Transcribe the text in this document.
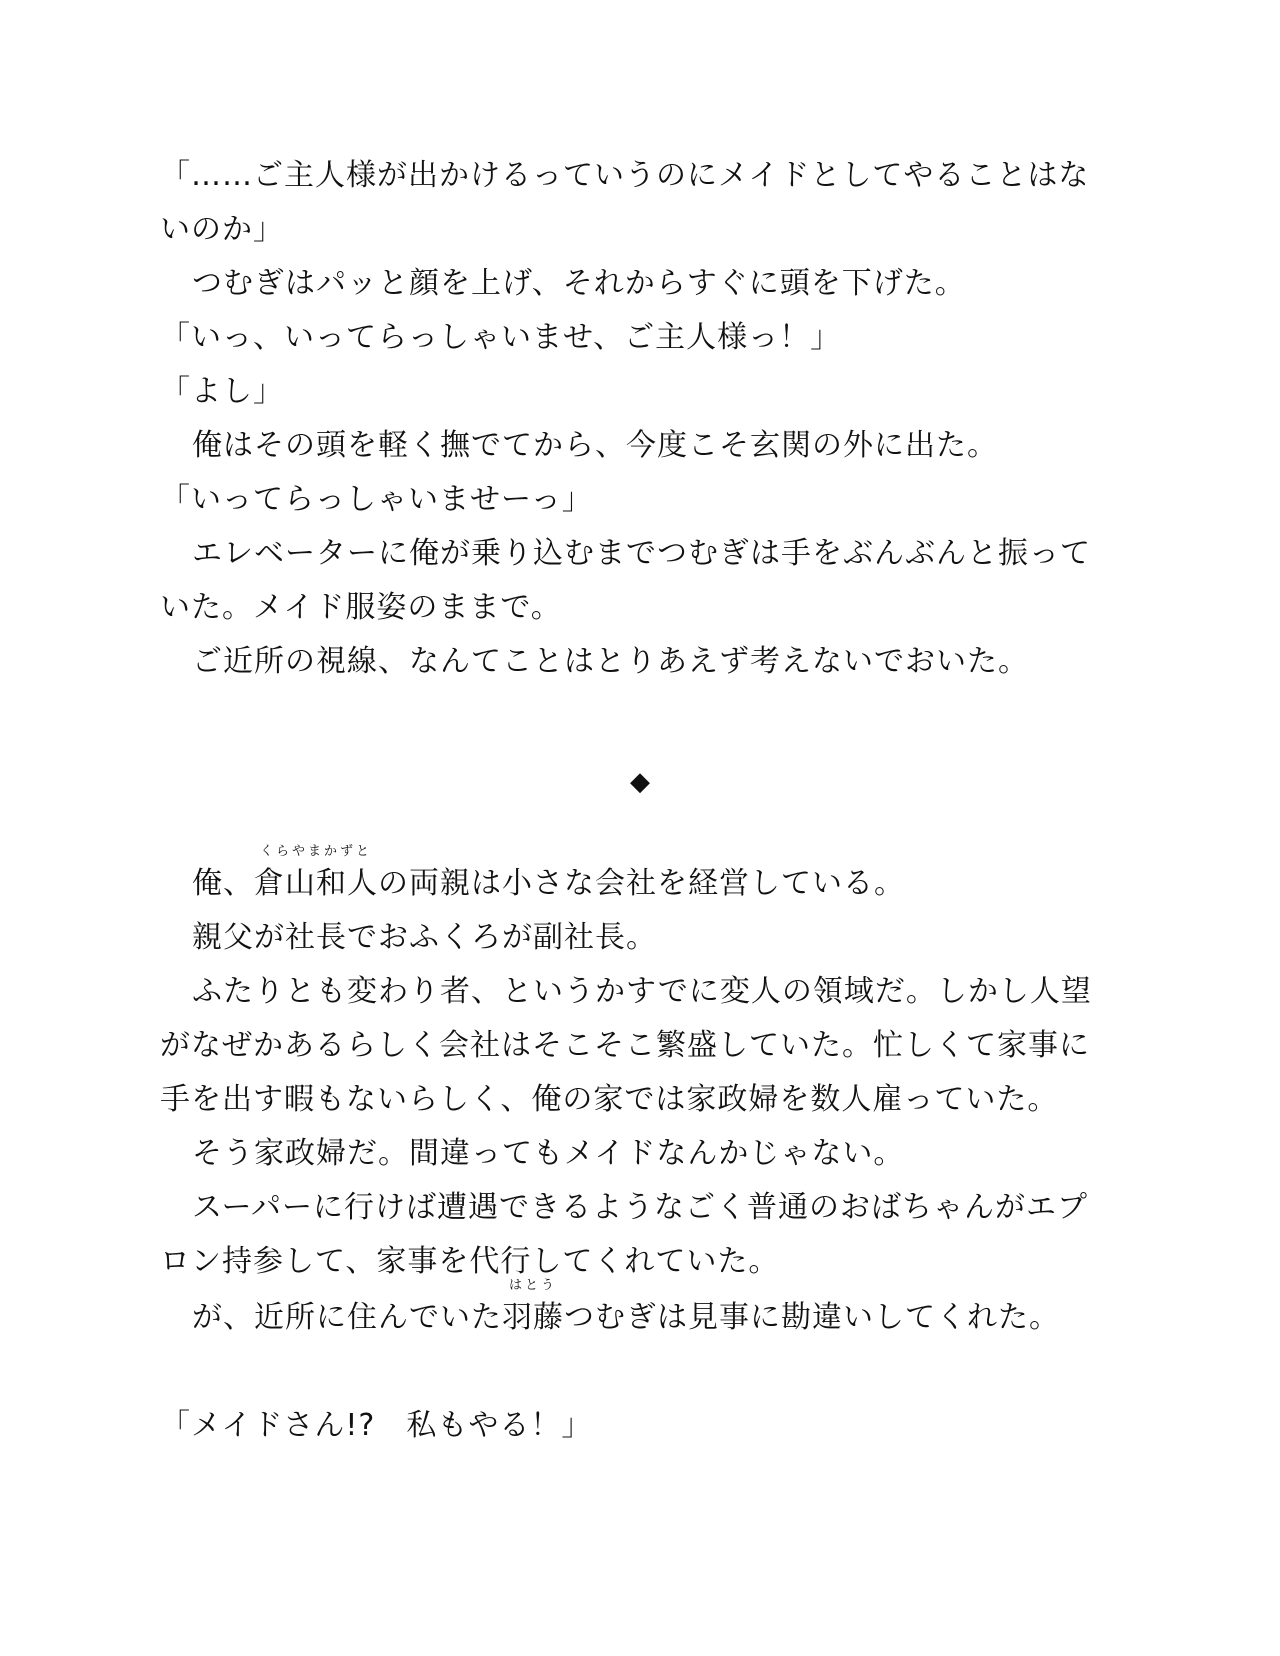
「……ご主人様が出かけるっていうのにメイドとしてやることはな
いのか」
つむぎはパッと顔を上げ、それからすぐに頭を下げた。
「いっ、いってらっしゃいませ、ご主人様っ！」
「よし」
俺はその頭を軽く撫でてから、今度こそ玄関の外に出た。
「いってらっしゃいませーっ」
エレベーターに俺が乗り込むまでつむぎは手をぶんぶんと振って
いた。メイド服姿のままで。
ご近所の視線、なんてことはとりあえず考えないでおいた。
◆
俺、
くらやまかずと
倉山和人の両親は小さな会社を経営している。
親父が社長でおふくろが副社長。
ふたりとも変わり者、というかすでに変人の領域だ。しかし人望
がなぜかあるらしく会社はそこそこ繁盛していた。忙しくて家事に
手を出す暇もないらしく、俺の家では家政婦を数人雇っていた。
そう家政婦だ。間違ってもメイドなんかじゃない。
スーパーに行けば遭遇できるようなごく普通のおばちゃんがエプ
ロン持参して、家事を代行してくれていた。
が、近所に住んでいた
はとう
羽藤つむぎは見事に勘違いしてくれた。
「メイドさん!?　私もやる！」
